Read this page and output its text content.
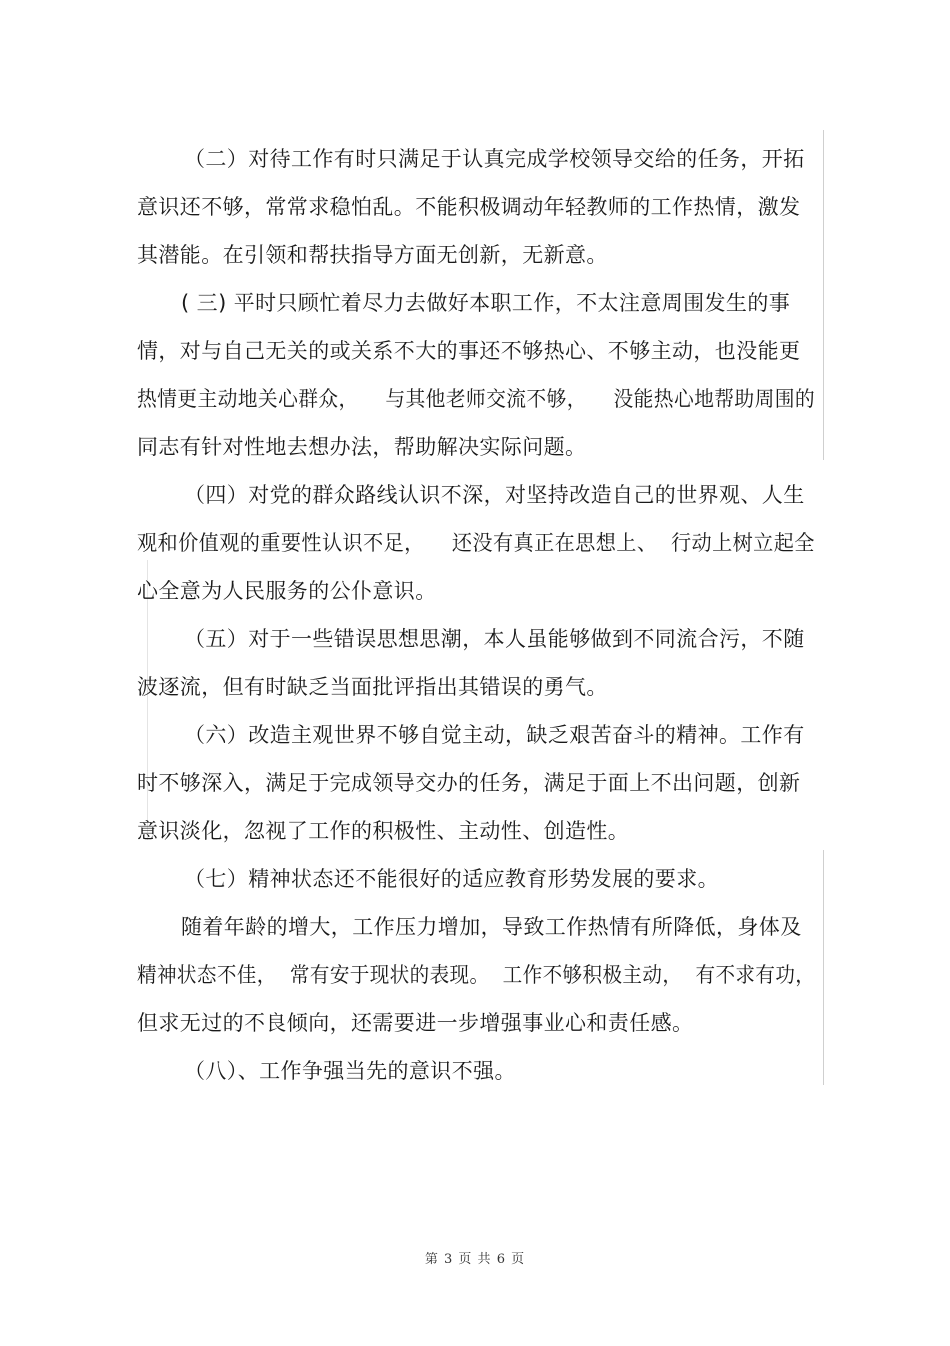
（二）对待工作有时只满足于认真完成学校领导交给的任务，开拓
意识还不够，常常求稳怕乱。不能积极调动年轻教师的工作热情，激发
其潜能。在引领和帮扶指导方面无创新，无新意。
( 三) 平时只顾忙着尽力去做好本职工作，不太注意周围发生的事
情，对与自己无关的或关系不大的事还不够热心、不够主动，也没能更
热情更主动地关心群众，    与其他老师交流不够，    没能热心地帮助周围的
同志有针对性地去想办法，帮助解决实际问题。
（四）对党的群众路线认识不深，对坚持改造自己的世界观、人生
观和价值观的重要性认识不足，    还没有真正在思想上、  行动上树立起全
心全意为人民服务的公仆意识。
（五）对于一些错误思想思潮，本人虽能够做到不同流合污，不随
波逐流，但有时缺乏当面批评指出其错误的勇气。
（六）改造主观世界不够自觉主动，缺乏艰苦奋斗的精神。工作有
时不够深入，满足于完成领导交办的任务，满足于面上不出问题，创新
意识淡化，忽视了工作的积极性、主动性、创造性。
（七）精神状态还不能很好的适应教育形势发展的要求。
随着年龄的增大，工作压力增加，导致工作热情有所降低，身体及
精神状态不佳，  常有安于现状的表现。  工作不够积极主动，  有不求有功，
但求无过的不良倾向，还需要进一步增强事业心和责任感。
（八）、工作争强当先的意识不强。
第 3 页 共 6 页
